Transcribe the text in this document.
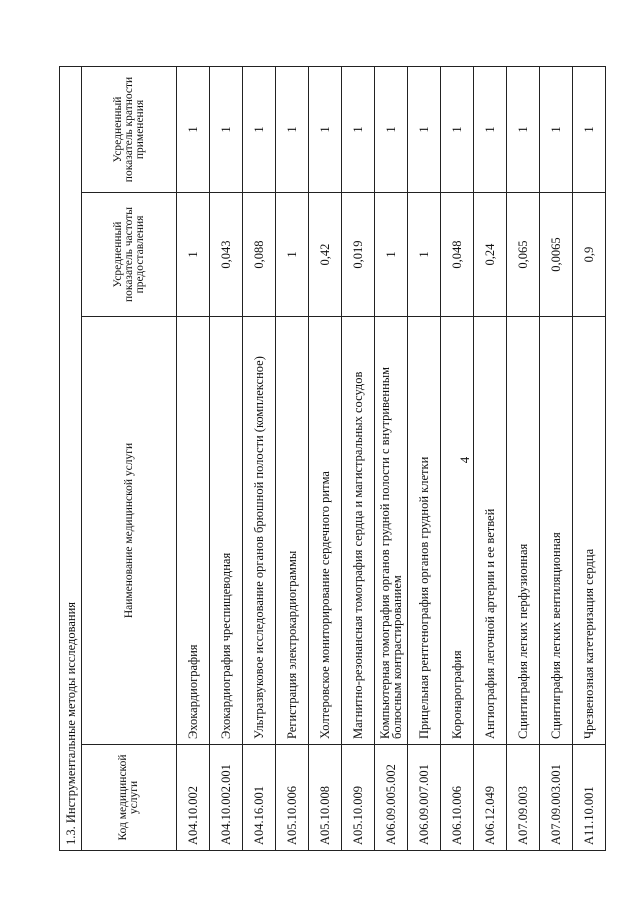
4
1.3. Инструментальные методы исследования			
Код медицинской услуги	Наименование медицинской услуги	Усредненный показатель частоты предоставления	Усредненный показатель кратности применения
A04.10.002	Эхокардиография	1	1
A04.10.002.001	Эхокардиография чреспищеводная	0,043	1
A04.16.001	Ультразвуковое исследование органов брюшной полости (комплексное)	0,088	1
A05.10.006	Регистрация электрокардиограммы	1	1
A05.10.008	Холтеровское мониторирование сердечного ритма	0,42	1
A05.10.009	Магнитно-резонансная томография сердца и магистральных сосудов	0,019	1
A06.09.005.002	Компьютерная томография органов грудной полости с внутривенным болюсным контрастированием	1	1
A06.09.007.001	Прицельная рентгенография органов грудной клетки	1	1
A06.10.006	Коронарография	0,048	1
A06.12.049	Ангиография легочной артерии и ее ветвей	0,24	1
A07.09.003	Сцинтиграфия легких перфузионная	0,065	1
A07.09.003.001	Сцинтиграфия легких вентиляционная	0,0065	1
A11.10.001	Чрезвенозная катетеризация сердца	0,9	1
